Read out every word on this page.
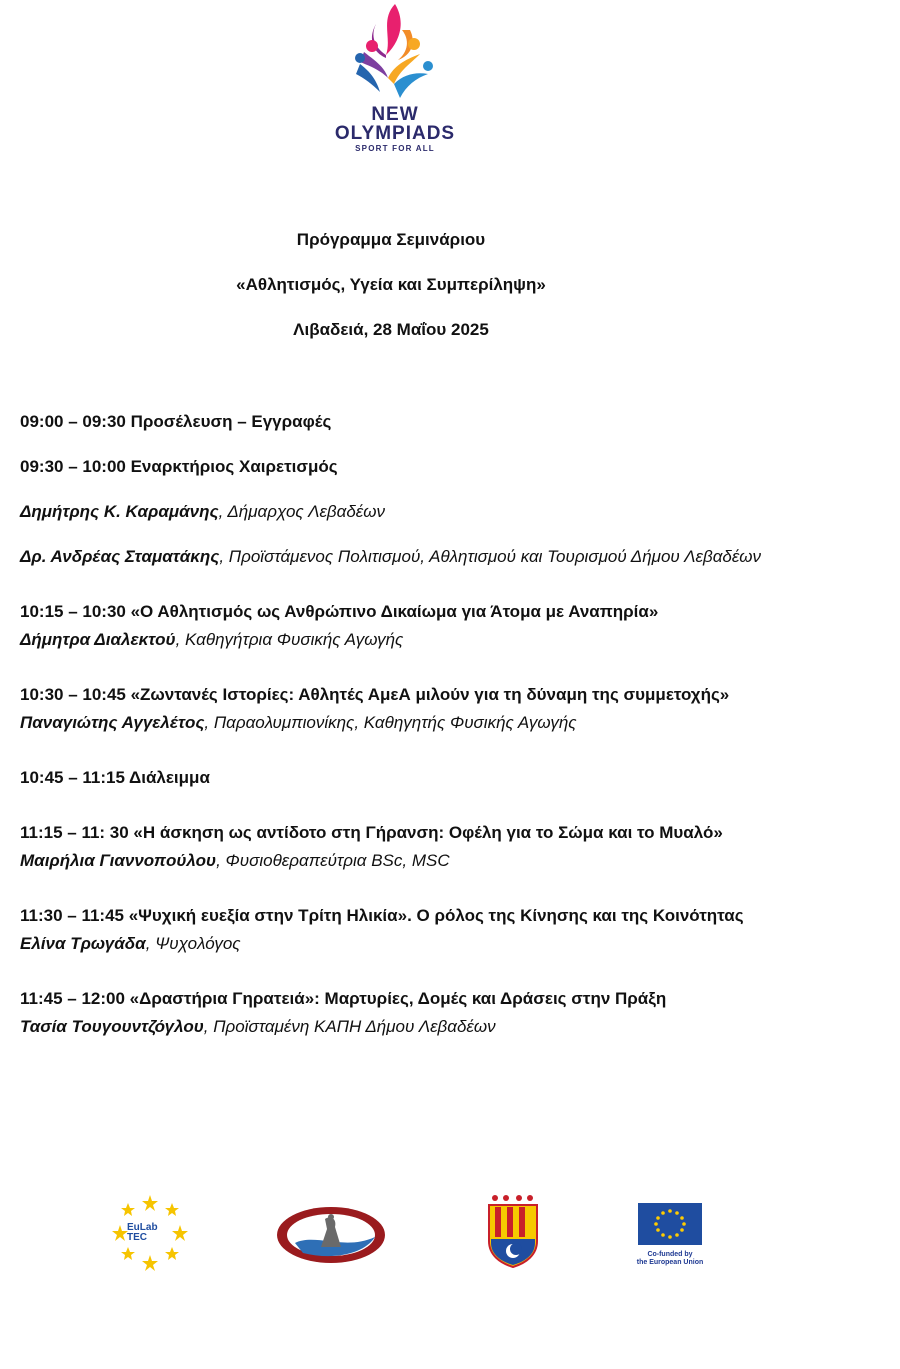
NEW
OLYMPIADS
SPORT FOR ALL
Πρόγραμμα Σεμινάριου
«Αθλητισμός, Υγεία και Συμπερίληψη»
Λιβαδειά, 28 Μαΐου 2025
09:00 – 09:30 Προσέλευση – Εγγραφές
09:30 – 10:00 Εναρκτήριος Χαιρετισμός
Δημήτρης Κ. Καραμάνης, Δήμαρχος Λεβαδέων
Δρ. Ανδρέας Σταματάκης, Προϊστάμενος Πολιτισμού, Αθλητισμού και Τουρισμού Δήμου Λεβαδέων
10:15 – 10:30 «Ο Αθλητισμός ως Ανθρώπινο Δικαίωμα για Άτομα με Αναπηρία»
Δήμητρα Διαλεκτού, Καθηγήτρια Φυσικής Αγωγής
10:30 – 10:45 «Ζωντανές Ιστορίες: Αθλητές ΑμεΑ μιλούν για τη δύναμη της συμμετοχής»
Παναγιώτης Αγγελέτος, Παραολυμπιονίκης, Καθηγητής Φυσικής Αγωγής
10:45 – 11:15 Διάλειμμα
11:15 – 11: 30 «Η άσκηση ως αντίδοτο στη Γήρανση: Οφέλη για το Σώμα και το Μυαλό»
Μαιρήλια Γιαννοπούλου, Φυσιοθεραπεύτρια BSc, MSC
11:30 – 11:45 «Ψυχική ευεξία στην Τρίτη Ηλικία». Ο ρόλος της Κίνησης και της Κοινότητας
Ελίνα Τρωγάδα, Ψυχολόγος
11:45 – 12:00 «Δραστήρια Γηρατειά»: Μαρτυρίες, Δομές και Δράσεις στην Πράξη
Τασία Τουγουντζόγλου, Προϊσταμένη ΚΑΠΗ Δήμου Λεβαδέων
EuLab
TEC
Co-funded by
the European Union
